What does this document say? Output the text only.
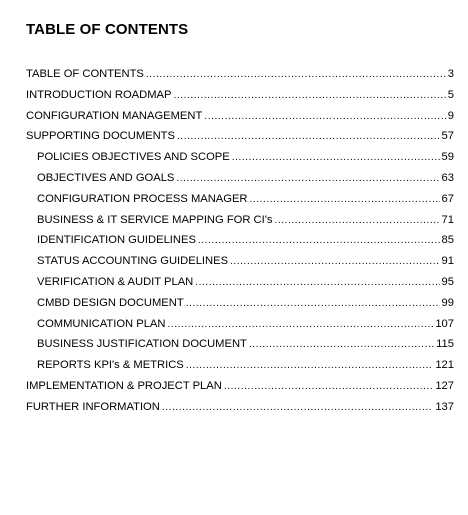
TABLE OF CONTENTS
TABLE OF CONTENTS .....	3
INTRODUCTION ROADMAP .....	5
CONFIGURATION MANAGEMENT .....	9
SUPPORTING DOCUMENTS .....	57
POLICIES OBJECTIVES AND SCOPE .....	59
OBJECTIVES AND GOALS .....	63
CONFIGURATION PROCESS MANAGER .....	67
BUSINESS & IT SERVICE MAPPING FOR CI's .....	71
IDENTIFICATION GUIDELINES .....	85
STATUS ACCOUNTING GUIDELINES .....	91
VERIFICATION & AUDIT PLAN .....	95
CMBD DESIGN DOCUMENT .....	99
COMMUNICATION PLAN .....	107
BUSINESS JUSTIFICATION DOCUMENT .....	115
REPORTS KPI's & METRICS .....	121
IMPLEMENTATION & PROJECT PLAN .....	127
FURTHER INFORMATION .....	137
